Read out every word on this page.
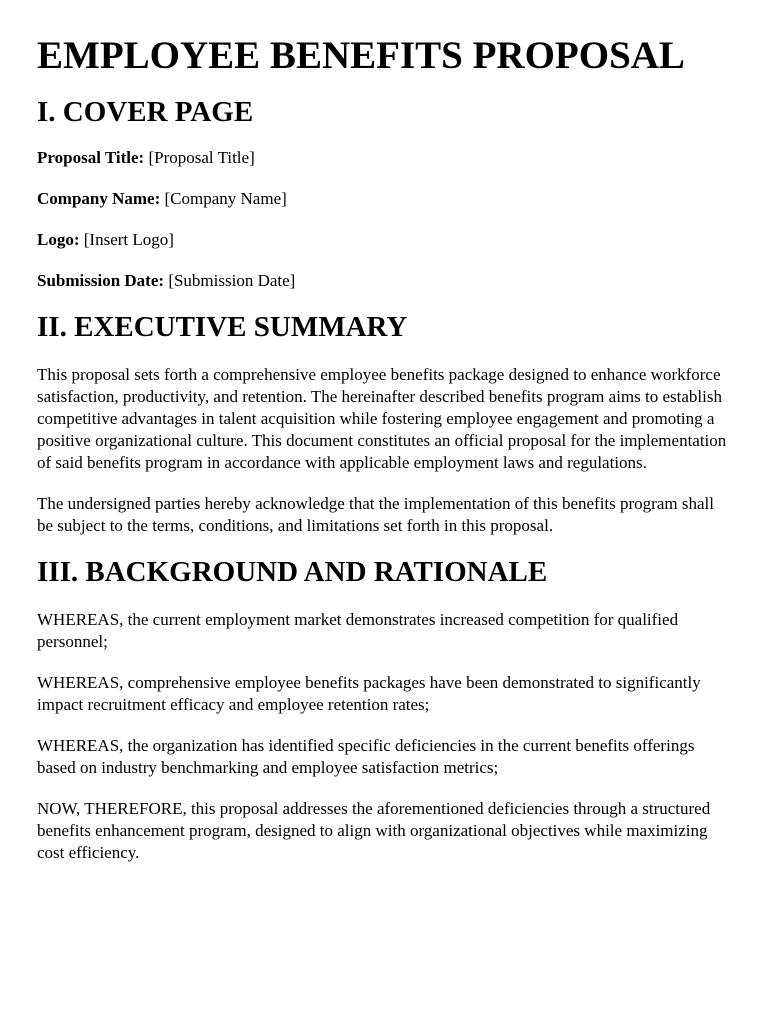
EMPLOYEE BENEFITS PROPOSAL
I. COVER PAGE
Proposal Title: [Proposal Title]
Company Name: [Company Name]
Logo: [Insert Logo]
Submission Date: [Submission Date]
II. EXECUTIVE SUMMARY

This proposal sets forth a comprehensive employee benefits package designed to enhance workforce satisfaction, productivity, and retention. The hereinafter described benefits program aims to establish competitive advantages in talent acquisition while fostering employee engagement and promoting a positive organizational culture. This document constitutes an official proposal for the implementation of said benefits program in accordance with applicable employment laws and regulations.

The undersigned parties hereby acknowledge that the implementation of this benefits program shall be subject to the terms, conditions, and limitations set forth in this proposal.

III. BACKGROUND AND RATIONALE

WHEREAS, the current employment market demonstrates increased competition for qualified personnel;

WHEREAS, comprehensive employee benefits packages have been demonstrated to significantly impact recruitment efficacy and employee retention rates;

WHEREAS, the organization has identified specific deficiencies in the current benefits offerings based on industry benchmarking and employee satisfaction metrics;

NOW, THEREFORE, this proposal addresses the aforementioned deficiencies through a structured benefits enhancement program, designed to align with organizational objectives while maximizing cost efficiency.
